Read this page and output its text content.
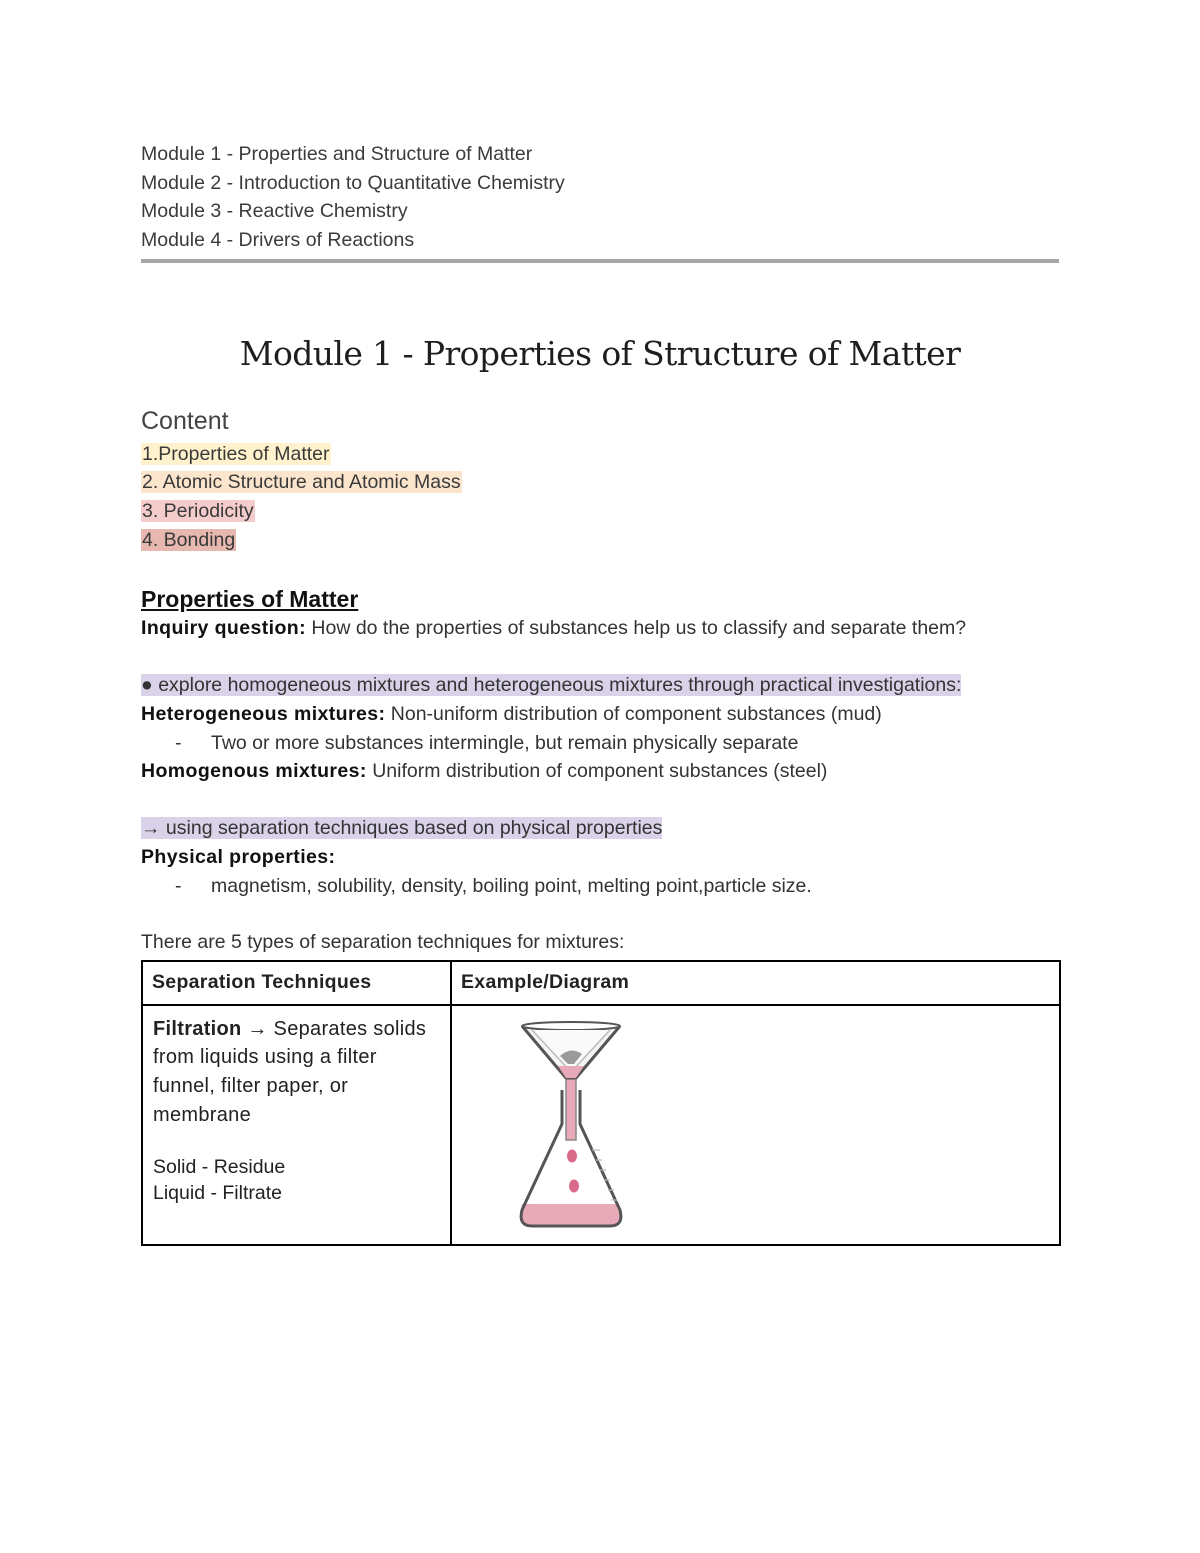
Module 1 - Properties and Structure of Matter
Module 2 - Introduction to Quantitative Chemistry
Module 3 - Reactive Chemistry
Module 4 - Drivers of Reactions
Module 1 - Properties of Structure of Matter
Content
1.Properties of Matter
2. Atomic Structure and Atomic Mass
3. Periodicity
4. Bonding
Properties of Matter
Inquiry question: How do the properties of substances help us to classify and separate them?
● explore homogeneous mixtures and heterogeneous mixtures through practical investigations:
Heterogeneous mixtures: Non-uniform distribution of component substances (mud)
- Two or more substances intermingle, but remain physically separate
Homogenous mixtures: Uniform distribution of component substances (steel)
→ using separation techniques based on physical properties
Physical properties:
- magnetism, solubility, density, boiling point, melting point,particle size.
There are 5 types of separation techniques for mixtures:
Separation Techniques	Example/Diagram

Filtration → Separates solids from liquids using a filter funnel, filter paper, or membrane
Solid - Residue
Liquid - Filtrate
